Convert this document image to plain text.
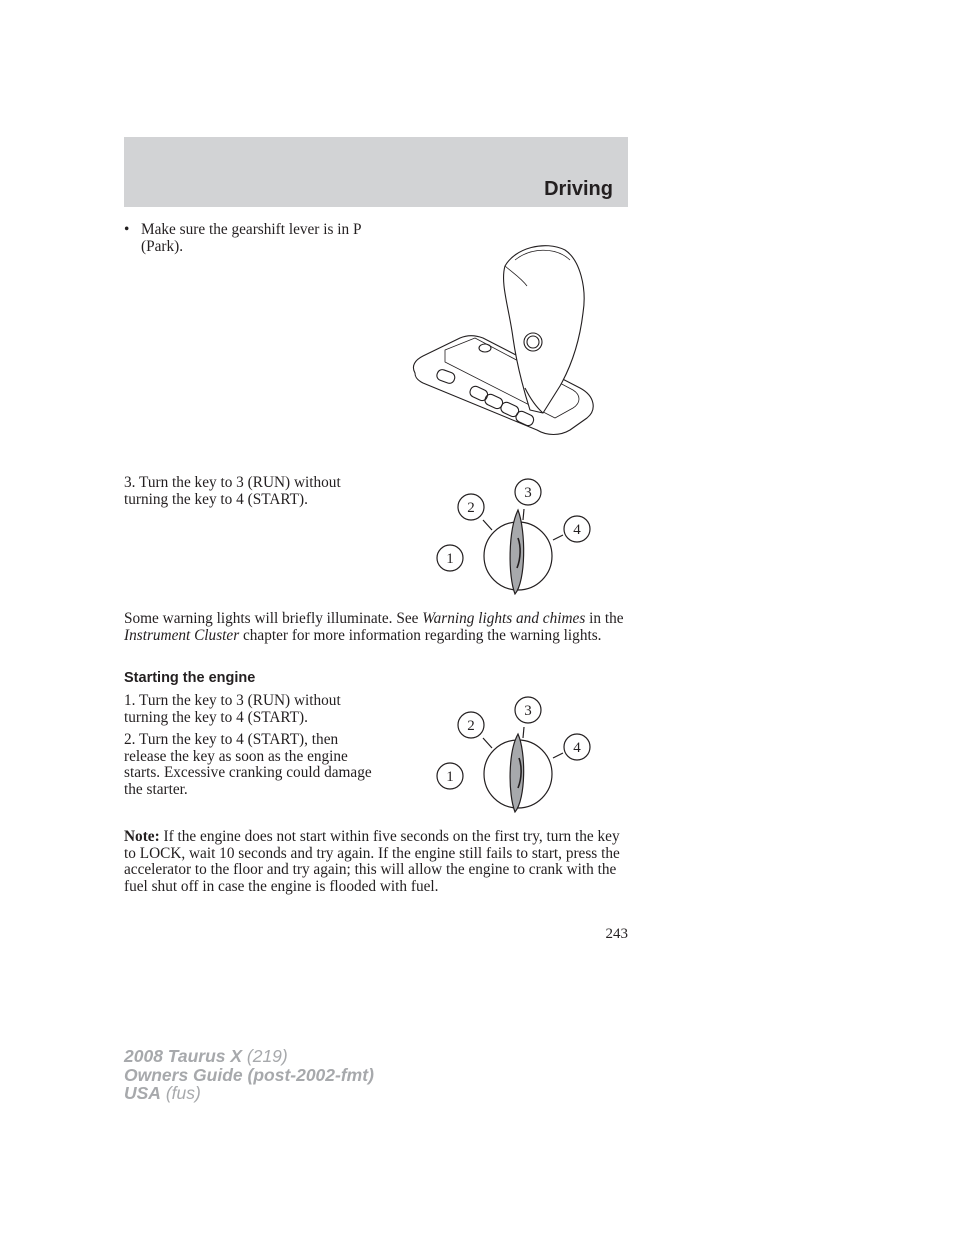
Driving
• Make sure the gearshift lever is in P (Park).
3. Turn the key to 3 (RUN) without turning the key to 4 (START).
1
2
3
4
Some warning lights will briefly illuminate. See Warning lights and chimes in the Instrument Cluster chapter for more information regarding the warning lights.
Starting the engine
1. Turn the key to 3 (RUN) without turning the key to 4 (START).
2. Turn the key to 4 (START), then release the key as soon as the engine starts. Excessive cranking could damage the starter.
1
2
3
4
Note: If the engine does not start within five seconds on the first try, turn the key to LOCK, wait 10 seconds and try again. If the engine still fails to start, press the accelerator to the floor and try again; this will allow the engine to crank with the fuel shut off in case the engine is flooded with fuel.
243
2008 Taurus X (219)
Owners Guide (post-2002-fmt)
USA (fus)
